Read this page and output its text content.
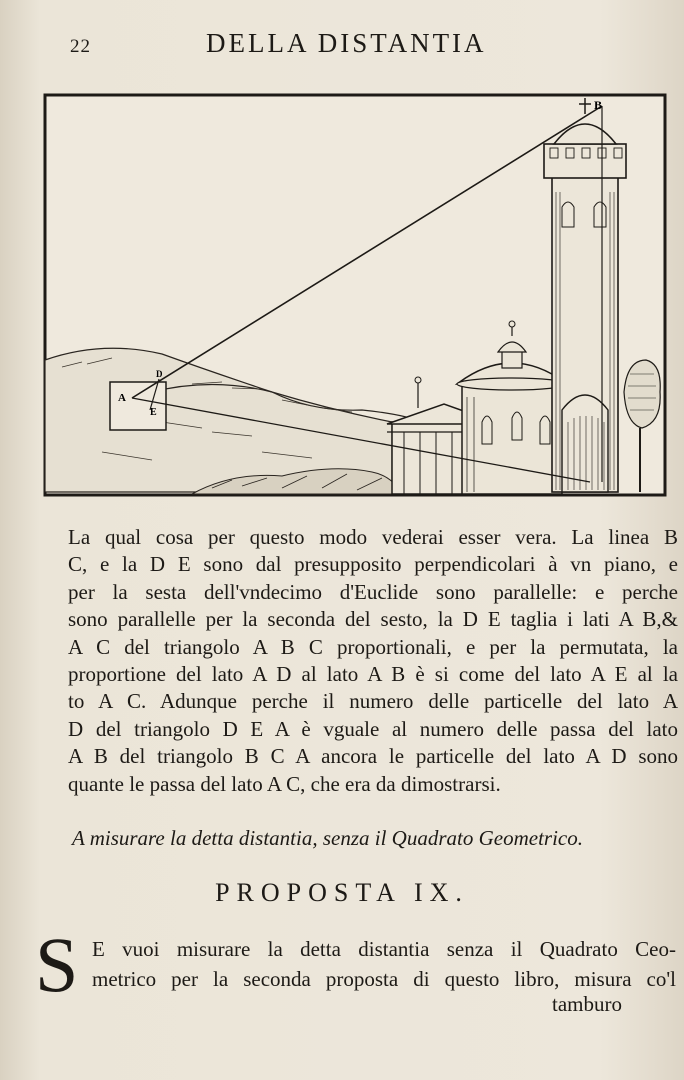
22	DELLA DISTANTIA
B
A
D
E
La qual cosa per questo modo vederai esser vera. La linea B
C, e la D E sono dal presupposito perpendicolari à vn piano, e
per la sesta dell'vndecimo d'Euclide sono parallelle: e perche
sono parallelle per la seconda del sesto, la D E taglia i lati A B,&
A C del triangolo A B C proportionali, e per la permutata, la
proportione del lato A D al lato A B è si come del lato A E al la
to A C. Adunque perche il numero delle particelle del lato A
D del triangolo D E A è vguale al numero delle passa del lato
A B del triangolo B C A ancora le particelle del lato A D sono
quante le passa del lato A C, che era da dimostrarsi.
A misurare la detta distantia, senza il Quadrato Geometrico.
PROPOSTA IX.
S E vuoi misurare la detta distantia senza il Quadrato Ceo-
metrico per la seconda proposta di questo libro, misura co'l
tamburo
